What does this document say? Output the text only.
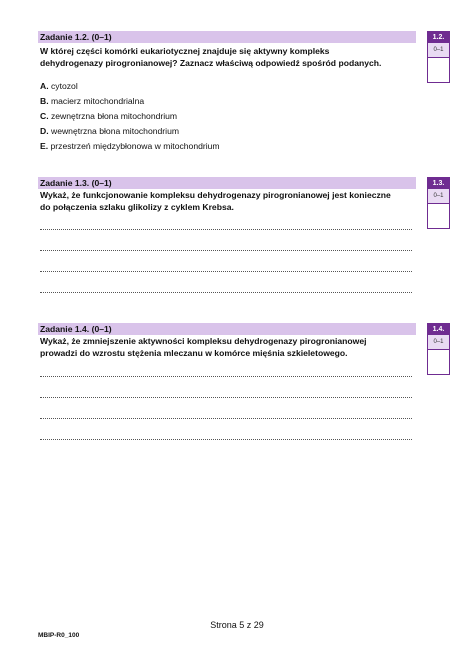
Zadanie 1.2. (0–1)
W której części komórki eukariotycznej znajduje się aktywny kompleks
dehydrogenazy pirogronianowej? Zaznacz właściwą odpowiedź spośród podanych.
A. cytozol
B. macierz mitochondrialna
C. zewnętrzna błona mitochondrium
D. wewnętrzna błona mitochondrium
E. przestrzeń międzybłonowa w mitochondrium
1.2.
0–1
Zadanie 1.3. (0–1)
Wykaż, że funkcjonowanie kompleksu dehydrogenazy pirogronianowej jest konieczne
do połączenia szlaku glikolizy z cyklem Krebsa.
1.3.
0–1
Zadanie 1.4. (0–1)
Wykaż, że zmniejszenie aktywności kompleksu dehydrogenazy pirogronianowej
prowadzi do wzrostu stężenia mleczanu w komórce mięśnia szkieletowego.
1.4.
0–1
Strona 5 z 29
MBIP-R0_100
